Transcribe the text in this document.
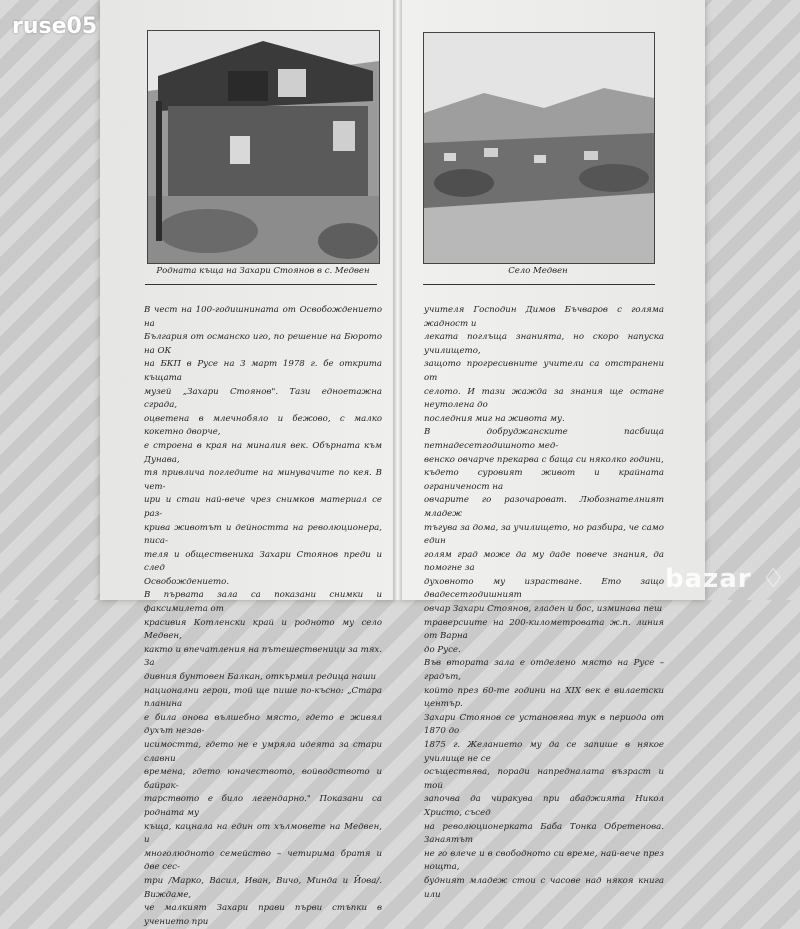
ruse05
Родната къща на Захари Стоянов в с. Медвен	Село Медвен
В чест на 100-годишнината от Освобождението на
България от османско иго, по решение на Бюрото на ОК
на БКП в Русе на 3 март 1978 г. бе открита къщата
музей „Захари Стоянов". Тази едноетажна сграда,
оцветена в млечнобяло и бежово, с малко кокетно дворче,
е строена в края на миналия век. Обърната към Дунава,
тя привлича погледите на минувачите по кея. В чет-
ири и стаи най-вече чрез снимков материал се раз-
крива животът и дейността на революционера, писа-
теля и общественика Захари Стоянов преди и след
Освобождението.
В първата зала са показани снимки и факсимилета от
красивия Котленски край и родното му село Медвен,
както и впечатления на пътешественици за тях. За
дивния бунтовен Балкан, откърмил редица наши
национални герои, той ще пише по-късно: „Стара планина
е била онова вълшебно място, гдето е живял духът незав-
исимостта, гдето не е умряла идеята за стари славни
времена, гдето юначеството, войводството и байрак-
тарството е било легендарно." Показани са родната му
къща, кацнала на един от хълмовете на Медвен, и
многолюдното семейство – четирима братя и две сес-
три /Марко, Васил, Иван, Вичо, Минда и Йова/. Виждаме,
че малкият Захари прави първи стъпки в учението при
учителя Господин Димов Бъчваров с голяма жадност и
леката поглъща знанията, но скоро напуска училището,
защото прогресивните учители са отстранени от
селото. И тази жажда за знания ще остане неутолена до
последния миг на живота му.
В добруджанските пасбища петнадесетгодишното мед-
венско овчарче прекарва с баща си няколко години,
където суровият живот и крайната ограниченост на
овчарите го разочароват. Любознателният младеж
тъгува за дома, за училището, но разбира, че само един
голям град може да му даде повече знания, да помогне за
духовното му израстване. Ето защо двадесетгодишният
овчар Захари Стоянов, гладен и бос, изминава пеш
траверсиите на 200-километровата ж.п. линия от Варна
до Русе.
Във втората зала е отделено място на Русе – градът,
който през 60-те години на XIX век е вилаетски център.
Захари Стоянов се установява тук в периода от 1870 до
1875 г. Желанието му да се запише в някое училище не се
осъществява, поради напредналата възраст и той
започва да чиракува при абаджията Никол Христо, съсед
на революционерката Баба Тонка Обретенова. Занаятът
не го влече и в свободното си време, най-вече през нощта,
будният младеж стои с часове над някоя книга или
bazar ♢
